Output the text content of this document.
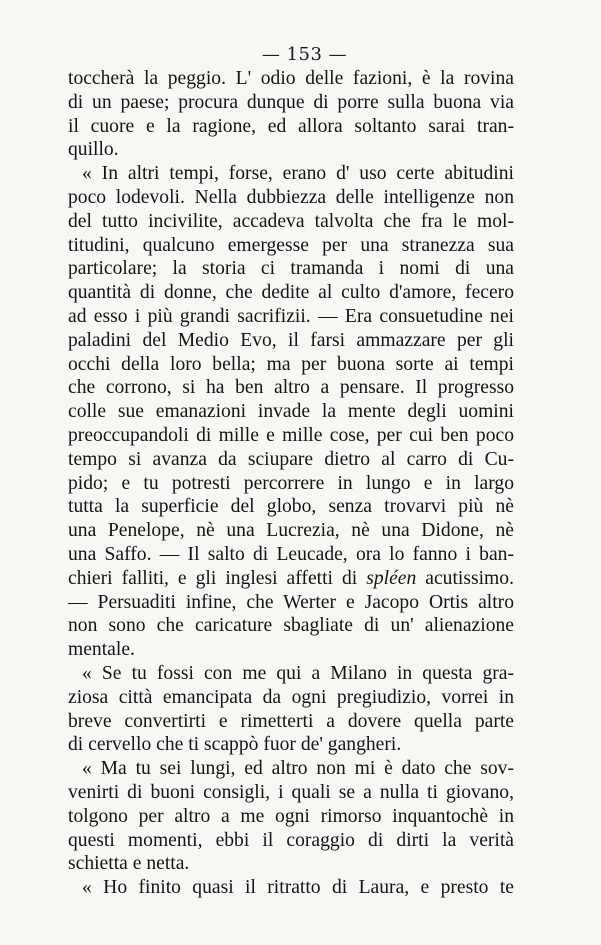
— 153 —
toccherà la peggio. L' odio delle fazioni, è la rovina
di un paese; procura dunque di porre sulla buona via
il cuore e la ragione, ed allora soltanto sarai tran-
quillo.
« In altri tempi, forse, erano d' uso certe abitudini
poco lodevoli. Nella dubbiezza delle intelligenze non
del tutto incivilite, accadeva talvolta che fra le mol-
titudini, qualcuno emergesse per una stranezza sua
particolare; la storia ci tramanda i nomi di una
quantità di donne, che dedite al culto d'amore, fecero
ad esso i più grandi sacrifizii. — Era consuetudine nei
paladini del Medio Evo, il farsi ammazzare per gli
occhi della loro bella; ma per buona sorte ai tempi
che corrono, si ha ben altro a pensare. Il progresso
colle sue emanazioni invade la mente degli uomini
preoccupandoli di mille e mille cose, per cui ben poco
tempo si avanza da sciupare dietro al carro di Cu-
pido; e tu potresti percorrere in lungo e in largo
tutta la superficie del globo, senza trovarvi più nè
una Penelope, nè una Lucrezia, nè una Didone, nè
una Saffo. — Il salto di Leucade, ora lo fanno i ban-
chieri falliti, e gli inglesi affetti di spléen acutissimo.
— Persuaditi infine, che Werter e Jacopo Ortis altro
non sono che caricature sbagliate di un' alienazione
mentale.
« Se tu fossi con me qui a Milano in questa gra-
ziosa città emancipata da ogni pregiudizio, vorrei in
breve convertirti e rimetterti a dovere quella parte
di cervello che ti scappò fuor de' gangheri.
« Ma tu sei lungi, ed altro non mi è dato che sov-
venirti di buoni consigli, i quali se a nulla ti giovano,
tolgono per altro a me ogni rimorso inquantochè in
questi momenti, ebbi il coraggio di dirti la verità
schietta e netta.
« Ho finito quasi il ritratto di Laura, e presto te
